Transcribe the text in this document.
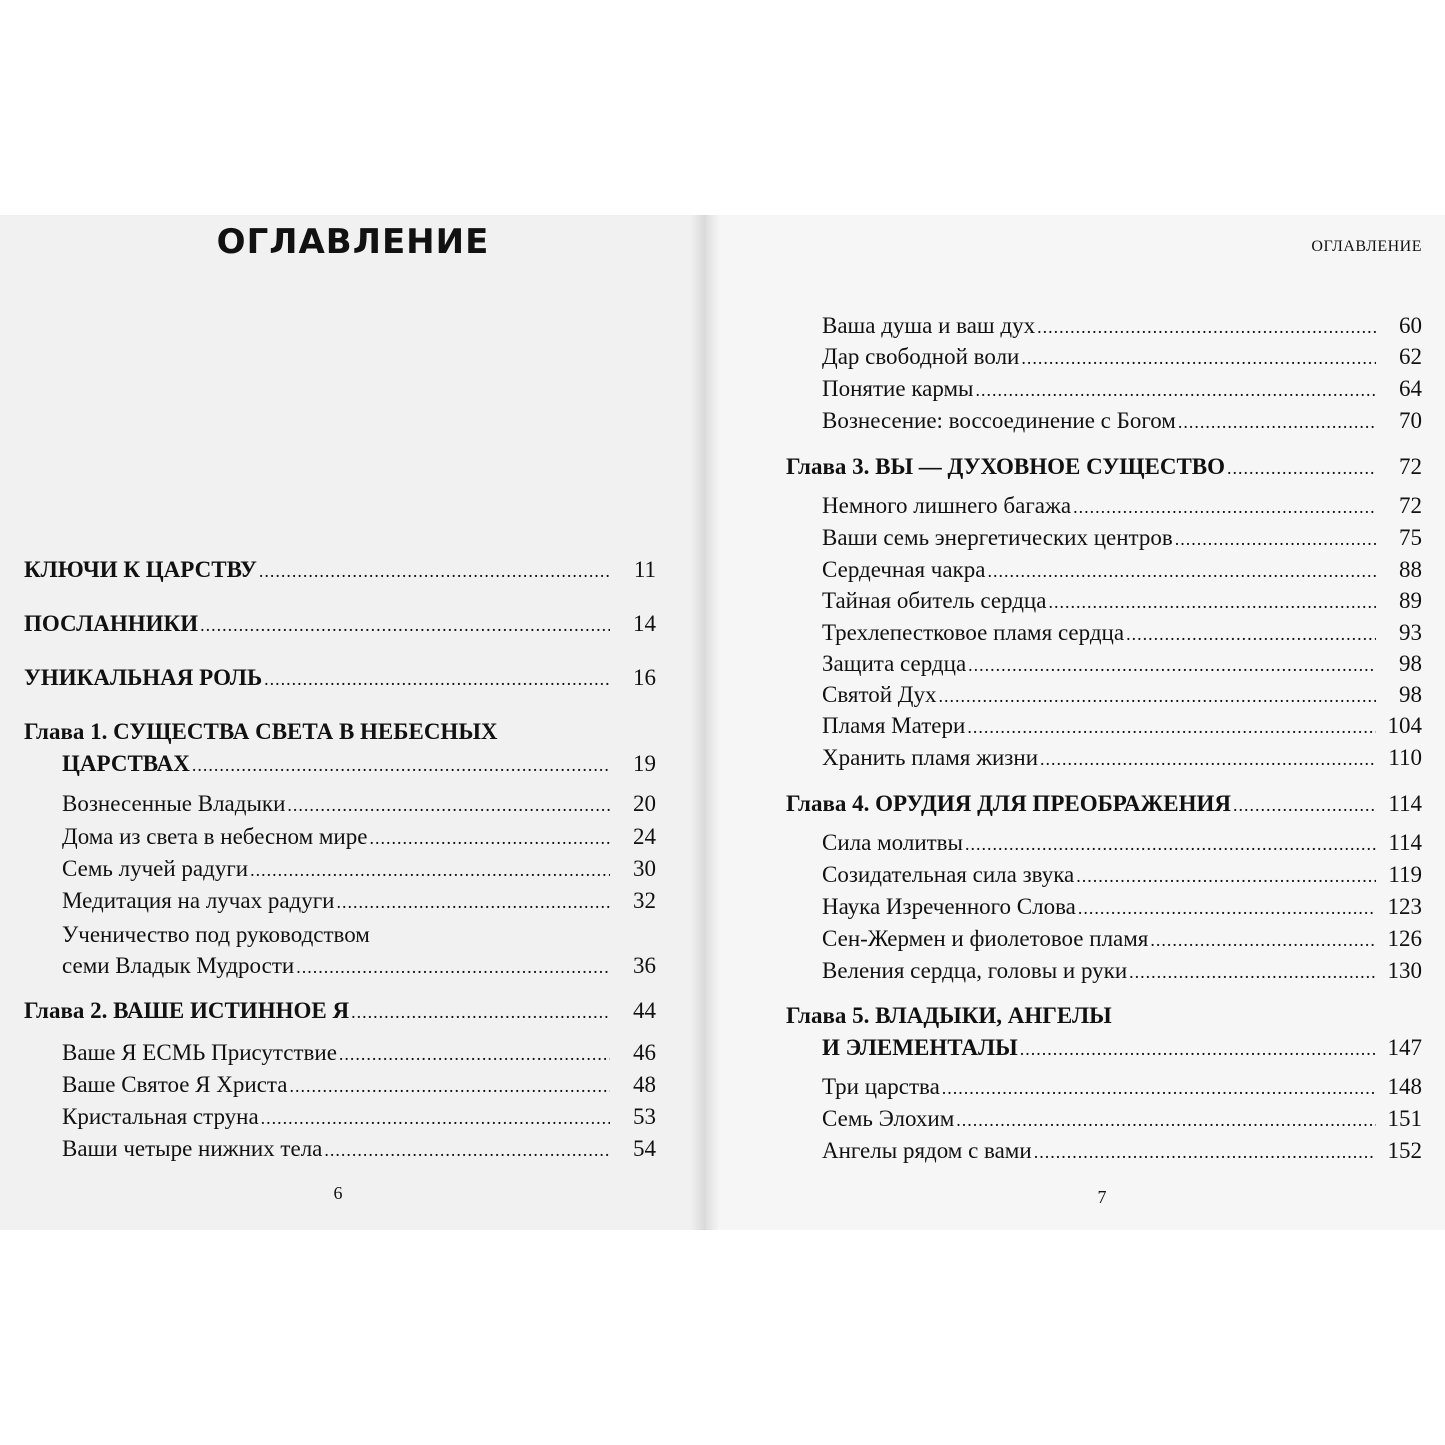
ОГЛАВЛЕНИЕ
КЛЮЧИ К ЦАРСТВУ .....	11
ПОСЛАННИКИ .....	14
УНИКАЛЬНАЯ РОЛЬ .....	16
Глава 1. СУЩЕСТВА СВЕТА В НЕБЕСНЫХ
ЦАРСТВАХ .....	19
Вознесенные Владыки .....	20
Дома из света в небесном мире .....	24
Семь лучей радуги .....	30
Медитация на лучах радуги .....	32
Ученичество под руководством
семи Владык Мудрости .....	36
Глава 2. ВАШЕ ИСТИННОЕ Я .....	44
Ваше Я ЕСМЬ Присутствие .....	46
Ваше Святое Я Христа .....	48
Кристальная струна .....	53
Ваши четыре нижних тела .....	54
6
ОГЛАВЛЕНИЕ
Ваша душа и ваш дух .....	60
Дар свободной воли .....	62
Понятие кармы .....	64
Вознесение: воссоединение с Богом .....	70
Глава 3. ВЫ — ДУХОВНОЕ СУЩЕСТВО .....	72
Немного лишнего багажа .....	72
Ваши семь энергетических центров .....	75
Сердечная чакра .....	88
Тайная обитель сердца .....	89
Трехлепестковое пламя сердца .....	93
Защита сердца .....	98
Святой Дух .....	98
Пламя Матери .....	104
Хранить пламя жизни .....	110
Глава 4. ОРУДИЯ ДЛЯ ПРЕОБРАЖЕНИЯ .....	114
Сила молитвы .....	114
Созидательная сила звука .....	119
Наука Изреченного Слова .....	123
Сен-Жермен и фиолетовое пламя .....	126
Веления сердца, головы и руки .....	130
Глава 5. ВЛАДЫКИ, АНГЕЛЫ
И ЭЛЕМЕНТАЛЫ .....	147
Три царства .....	148
Семь Элохим .....	151
Ангелы рядом с вами .....	152
7
